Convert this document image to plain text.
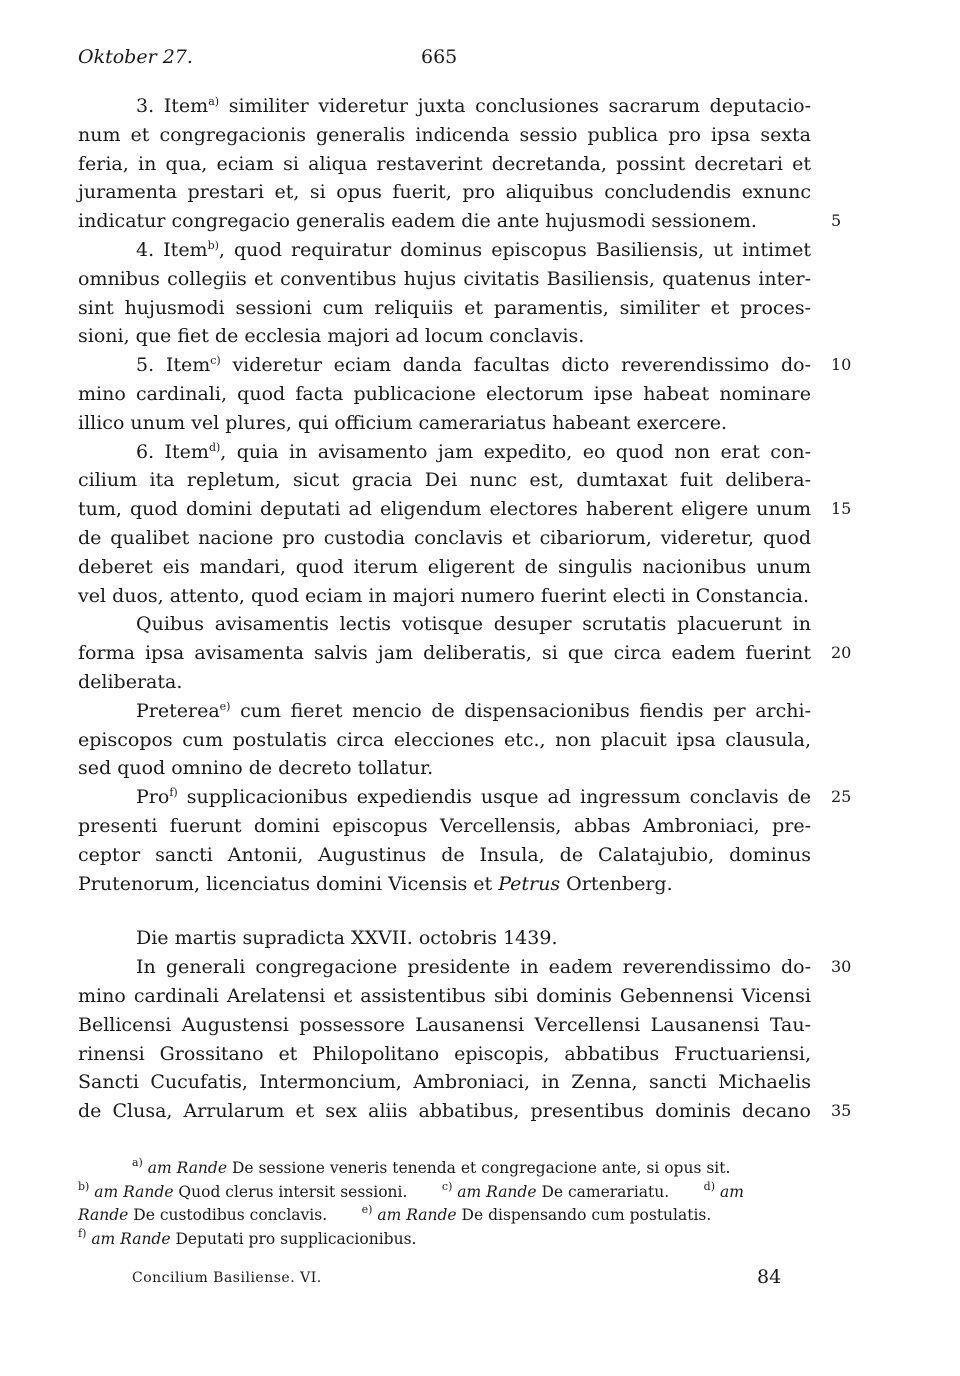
Oktober 27.	665
3. Item$^{a)}$ similiter videretur juxta conclusiones sacrarum deputacio-
num et congregacionis generalis indicenda sessio publica pro ipsa sexta
feria, in qua, eciam si aliqua restaverint decretanda, possint decretari et
juramenta prestari et, si opus fuerit, pro aliquibus concludendis exnunc
indicatur congregacio generalis eadem die ante hujusmodi sessionem.	5
4. Item$^{b)}$, quod requiratur dominus episcopus Basiliensis, ut intimet
omnibus collegiis et conventibus hujus civitatis Basiliensis, quatenus inter-
sint hujusmodi sessioni cum reliquiis et paramentis, similiter et proces-
sioni, que fiet de ecclesia majori ad locum conclavis.
5. Item$^{c)}$ videretur eciam danda facultas dicto reverendissimo do- 10
mino cardinali, quod facta publicacione electorum ipse habeat nominare
illico unum vel plures, qui officium camerariatus habeant exercere.
6. Item$^{d)}$, quia in avisamento jam expedito, eo quod non erat con-
cilium ita repletum, sicut gracia Dei nunc est, dumtaxat fuit delibera-
tum, quod domini deputati ad eligendum electores haberent eligere unum 15
de qualibet nacione pro custodia conclavis et cibariorum, videretur, quod
deberet eis mandari, quod iterum eligerent de singulis nacionibus unum
vel duos, attento, quod eciam in majori numero fuerint electi in Constancia.
Quibus avisamentis lectis votisque desuper scrutatis placuerunt in
forma ipsa avisamenta salvis jam deliberatis, si que circa eadem fuerint 20
deliberata.
Preterea$^{e)}$ cum fieret mencio de dispensacionibus fiendis per archi-
episcopos cum postulatis circa elecciones etc., non placuit ipsa clausula,
sed quod omnino de decreto tollatur.
Pro$^{f)}$ supplicacionibus expediendis usque ad ingressum conclavis de 25
presenti fuerunt domini episcopus Vercellensis, abbas Ambroniaci, pre-
ceptor sancti Antonii, Augustinus de Insula, de Calatajubio, dominus
Prutenorum, licenciatus domini Vicensis et Petrus Ortenberg.
Die martis supradicta XXVII. octobris 1439.
In generali congregacione presidente in eadem reverendissimo do- 30
mino cardinali Arelatensi et assistentibus sibi dominis Gebennensi Vicensi
Bellicensi Augustensi possessore Lausanensi Vercellensi Lausanensi Tau-
rinensi Grossitano et Philopolitano episcopis, abbatibus Fructuariensi,
Sancti Cucufatis, Intermoncium, Ambroniaci, in Zenna, sancti Michaelis
de Clusa, Arrularum et sex aliis abbatibus, presentibus dominis decano 35
$^{a)}$ am Rande De sessione veneris tenenda et congregacione ante, si opus sit.
$^{b)}$ am Rande Quod clerus intersit sessioni.	$^{c)}$ am Rande De camerariatu.	$^{d)}$ am
Rande De custodibus conclavis.	$^{e)}$ am Rande De dispensando cum postulatis.
$^{f)}$ am Rande Deputati pro supplicacionibus.
Concilium Basiliense. VI.	84
